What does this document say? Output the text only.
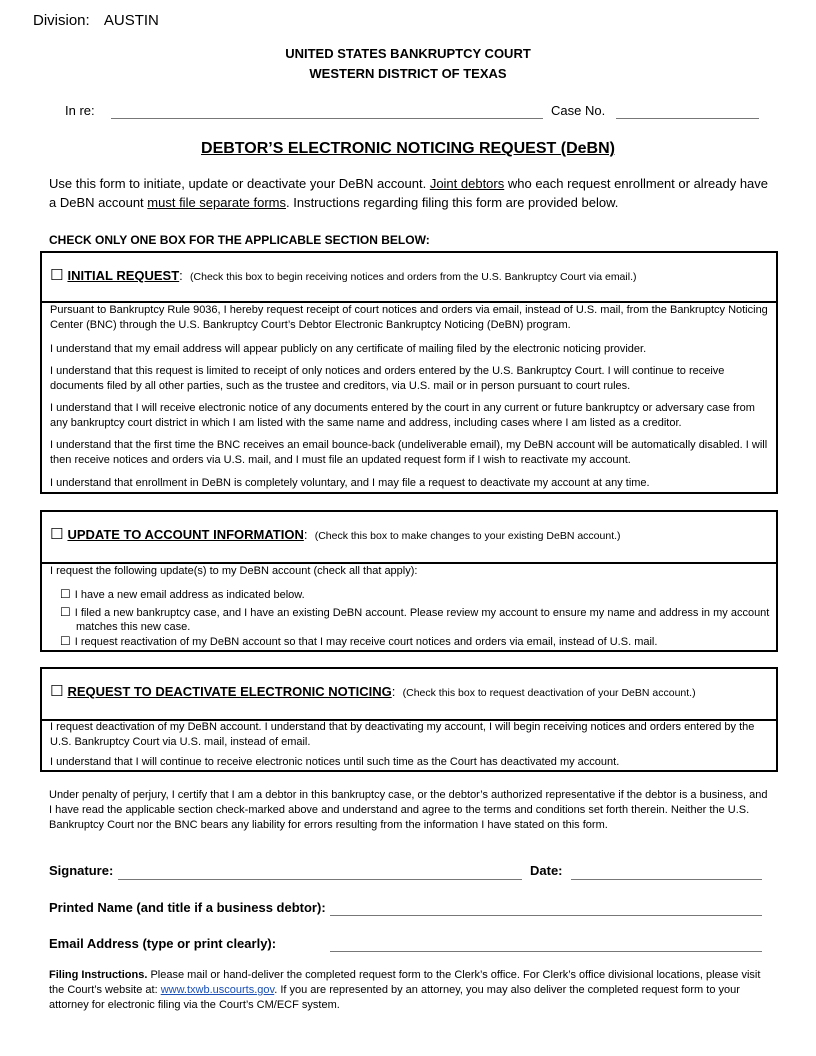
Division: AUSTIN
UNITED STATES BANKRUPTCY COURT
WESTERN DISTRICT OF TEXAS
In re:	Case No.
DEBTOR’S ELECTRONIC NOTICING REQUEST (DeBN)
Use this form to initiate, update or deactivate your DeBN account. Joint debtors who each request enrollment or already have a DeBN account must file separate forms. Instructions regarding filing this form are provided below.
CHECK ONLY ONE BOX FOR THE APPLICABLE SECTION BELOW:
☐ INITIAL REQUEST: (Check this box to begin receiving notices and orders from the U.S. Bankruptcy Court via email.)
Pursuant to Bankruptcy Rule 9036, I hereby request receipt of court notices and orders via email, instead of U.S. mail, from the Bankruptcy Noticing Center (BNC) through the U.S. Bankruptcy Court’s Debtor Electronic Bankruptcy Noticing (DeBN) program.
I understand that my email address will appear publicly on any certificate of mailing filed by the electronic noticing provider.
I understand that this request is limited to receipt of only notices and orders entered by the U.S. Bankruptcy Court. I will continue to receive documents filed by all other parties, such as the trustee and creditors, via U.S. mail or in person pursuant to court rules.
I understand that I will receive electronic notice of any documents entered by the court in any current or future bankruptcy or adversary case from any bankruptcy court district in which I am listed with the same name and address, including cases where I am listed as a creditor.
I understand that the first time the BNC receives an email bounce-back (undeliverable email), my DeBN account will be automatically disabled. I will then receive notices and orders via U.S. mail, and I must file an updated request form if I wish to reactivate my account.
I understand that enrollment in DeBN is completely voluntary, and I may file a request to deactivate my account at any time.
☐ UPDATE TO ACCOUNT INFORMATION: (Check this box to make changes to your existing DeBN account.)
I request the following update(s) to my DeBN account (check all that apply):
☐ I have a new email address as indicated below.
☐ I filed a new bankruptcy case, and I have an existing DeBN account. Please review my account to ensure my name and address in my account matches this new case.
☐ I request reactivation of my DeBN account so that I may receive court notices and orders via email, instead of U.S. mail.
☐ REQUEST TO DEACTIVATE ELECTRONIC NOTICING: (Check this box to request deactivation of your DeBN account.)
I request deactivation of my DeBN account. I understand that by deactivating my account, I will begin receiving notices and orders entered by the U.S. Bankruptcy Court via U.S. mail, instead of email.
I understand that I will continue to receive electronic notices until such time as the Court has deactivated my account.
Under penalty of perjury, I certify that I am a debtor in this bankruptcy case, or the debtor’s authorized representative if the debtor is a business, and I have read the applicable section check-marked above and understand and agree to the terms and conditions set forth therein. Neither the U.S. Bankruptcy Court nor the BNC bears any liability for errors resulting from the information I have stated on this form.
Signature:	Date:
Printed Name (and title if a business debtor):
Email Address (type or print clearly):
Filing Instructions. Please mail or hand-deliver the completed request form to the Clerk’s office. For Clerk’s office divisional locations, please visit the Court’s website at: www.txwb.uscourts.gov. If you are represented by an attorney, you may also deliver the completed request form to your attorney for electronic filing via the Court’s CM/ECF system.
